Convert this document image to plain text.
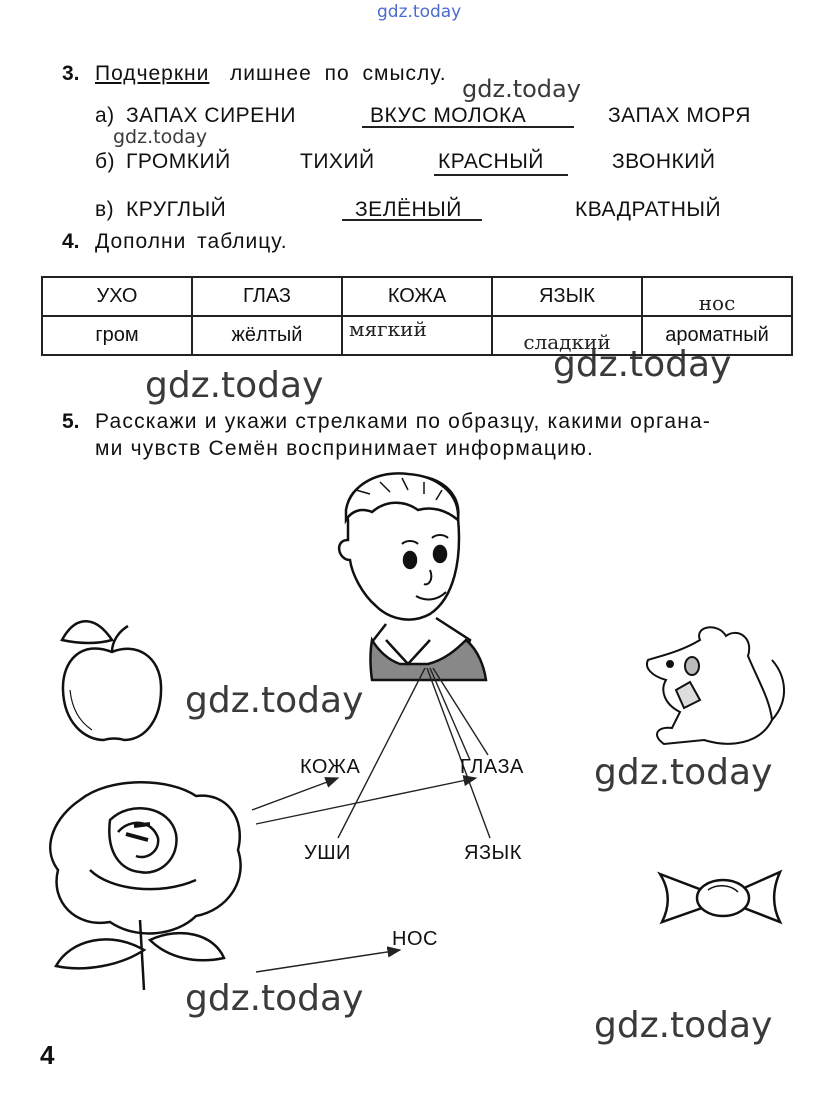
gdz.today
gdz.today
gdz.today
gdz.today
gdz.today
gdz.today
gdz.today
gdz.today
gdz.today
3. Подчеркни лишнее по смыслу.
а) ЗАПАХ СИРЕНИ	ВКУС МОЛОКА	ЗАПАХ МОРЯ
б) ГРОМКИЙ	ТИХИЙ	КРАСНЫЙ	ЗВОНКИЙ
в) КРУГЛЫЙ	ЗЕЛЁНЫЙ	КВАДРАТНЫЙ
4. Дополни таблицу.
УХО	ГЛАЗ	КОЖА	ЯЗЫК	нос
гром	жёлтый	мягкий	сладкий	ароматный
5. Расскажи и укажи стрелками по образцу, какими органа-
ми чувств Семён воспринимает информацию.
КОЖА	ГЛАЗА
УШИ	ЯЗЫК
НОС
4
